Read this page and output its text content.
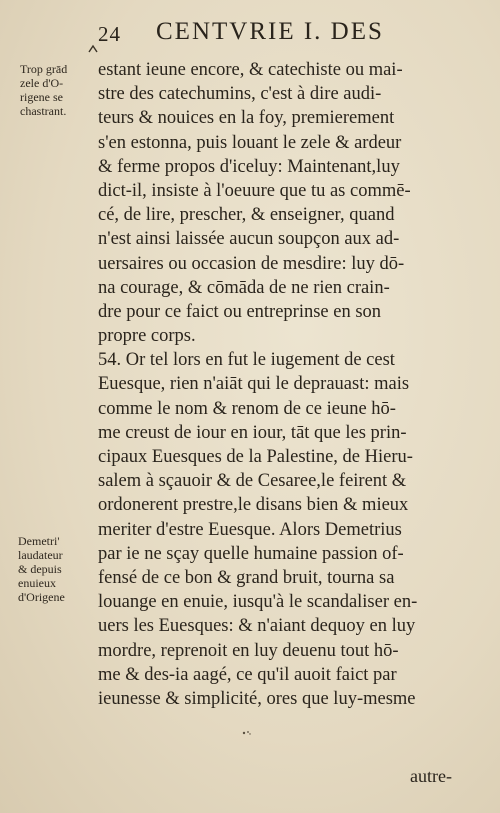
24 CENTVRIE I. DES
Trop grād
zele d'O-
rigene se
chastrant.
Demetri'
laudateur
& depuis
enuieux
d'Origene
estant ieune encore, & catechiste ou mai-
stre des catechumins, c'est à dire audi-
teurs & nouices en la foy, premierement
s'en estonna, puis louant le zele & ardeur
& ferme propos d'iceluy: Maintenant,luy
dict-il, insiste à l'oeuure que tu as commē-
cé, de lire, prescher, & enseigner, quand
n'est ainsi laissée aucun soupçon aux ad-
uersaires ou occasion de mesdire: luy dō-
na courage, & cōmāda de ne rien crain-
dre pour ce faict ou entreprinse en son
propre corps.
54. Or tel lors en fut le iugement de cest
Euesque, rien n'aiāt qui le deprauast: mais
comme le nom & renom de ce ieune hō-
me creust de iour en iour, tāt que les prin-
cipaux Euesques de la Palestine, de Hieru-
salem à sçauoir & de Cesaree,le feirent &
ordonerent prestre,le disans bien & mieux
meriter d'estre Euesque. Alors Demetrius
par ie ne sçay quelle humaine passion of-
fensé de ce bon & grand bruit, tourna sa
louange en enuie, iusqu'à le scandaliser en-
uers les Euesques: & n'aiant dequoy en luy
mordre, reprenoit en luy deuenu tout hō-
me & des-ia aagé, ce qu'il auoit faict par
ieunesse & simplicité, ores que luy-mesme
autre-
